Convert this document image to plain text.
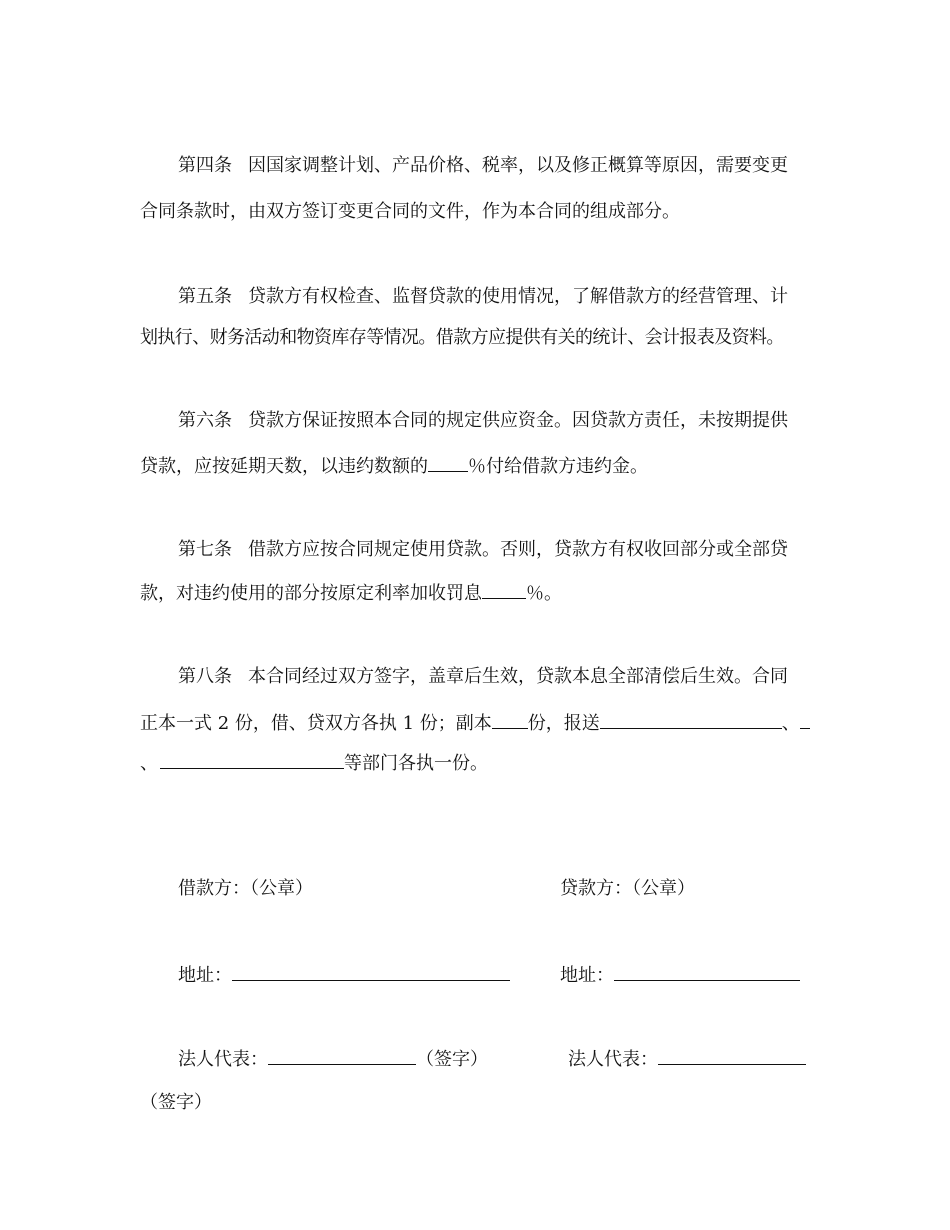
第四条 因国家调整计划、产品价格、税率，以及修正概算等原因，需要变更
合同条款时，由双方签订变更合同的文件，作为本合同的组成部分。
第五条 贷款方有权检查、监督贷款的使用情况，了解借款方的经营管理、计
划执行、财务活动和物资库存等情况。借款方应提供有关的统计、会计报表及资料。
第六条 贷款方保证按照本合同的规定供应资金。因贷款方责任，未按期提供
贷款，应按延期天数，以违约数额的 ％付给借款方违约金。
第七条 借款方应按合同规定使用贷款。否则，贷款方有权收回部分或全部贷
款，对违约使用的部分按原定利率加收罚息 ％。
第八条 本合同经过双方签字，盖章后生效，贷款本息全部清偿后生效。合同
正本一式 2 份，借、贷双方各执 1 份；副本 份，报送	、
、	等部门各执一份。
借款方：（公章）	贷款方：（公章）
地址：	地址：
法人代表：	（签字）	法人代表：
（签字）
